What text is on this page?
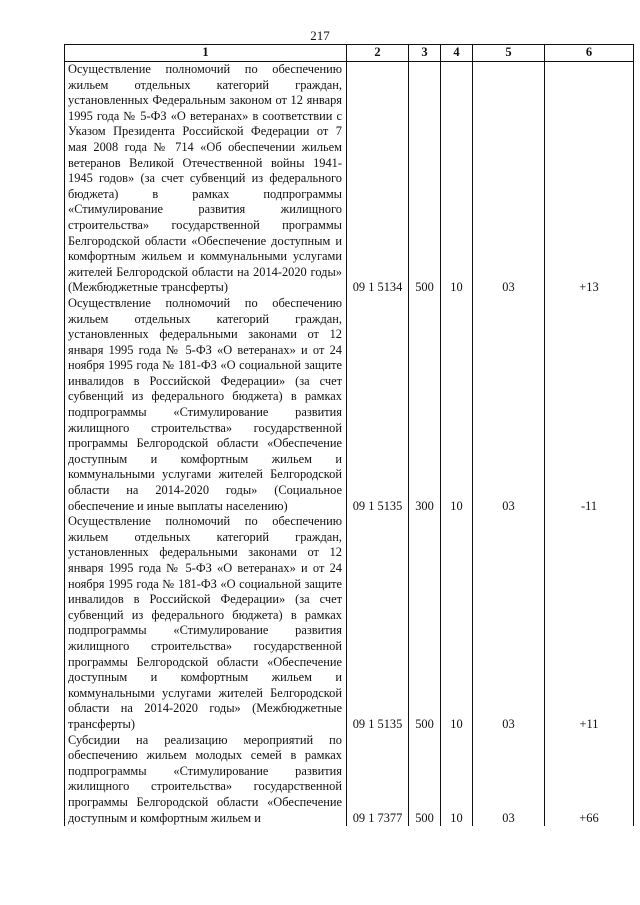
217
1	2	3	4	5	6
Осуществление полномочий по обеспечению жильем отдельных категорий граждан, установленных Федеральным законом от 12 января 1995 года № 5-ФЗ «О ветеранах» в соответствии с Указом Президента Российской Федерации от 7 мая 2008 года № 714 «Об обеспечении жильем ветеранов Великой Отечественной войны 1941-1945 годов» (за счет субвенций из федерального бюджета) в рамках подпрограммы «Стимулирование развития жилищного строительства» государственной программы Белгородской области «Обеспечение доступным и комфортным жильем и коммунальными услугами жителей Белгородской области на 2014-2020 годы» (Межбюджетные трансферты)	09 1 5134	500	10	03	+13
Осуществление полномочий по обеспечению жильем отдельных категорий граждан, установленных федеральными законами от 12 января 1995 года № 5-ФЗ «О ветеранах» и от 24 ноября 1995 года № 181-ФЗ «О социальной защите инвалидов в Российской Федерации» (за счет субвенций из федерального бюджета) в рамках подпрограммы «Стимулирование развития жилищного строительства» государственной программы Белгородской области «Обеспечение доступным и комфортным жильем и коммунальными услугами жителей Белгородской области на 2014-2020 годы» (Социальное обеспечение и иные выплаты населению)	09 1 5135	300	10	03	-11
Осуществление полномочий по обеспечению жильем отдельных категорий граждан, установленных федеральными законами от 12 января 1995 года № 5-ФЗ «О ветеранах» и от 24 ноября 1995 года № 181-ФЗ «О социальной защите инвалидов в Российской Федерации» (за счет субвенций из федерального бюджета) в рамках подпрограммы «Стимулирование развития жилищного строительства» государственной программы Белгородской области «Обеспечение доступным и комфортным жильем и коммунальными услугами жителей Белгородской области на 2014-2020 годы» (Межбюджетные трансферты)	09 1 5135	500	10	03	+11
Субсидии на реализацию мероприятий по обеспечению жильем молодых семей в рамках подпрограммы «Стимулирование развития жилищного строительства» государственной программы Белгородской области «Обеспечение доступным и комфортным жильем и	09 1 7377	500	10	03	+66
